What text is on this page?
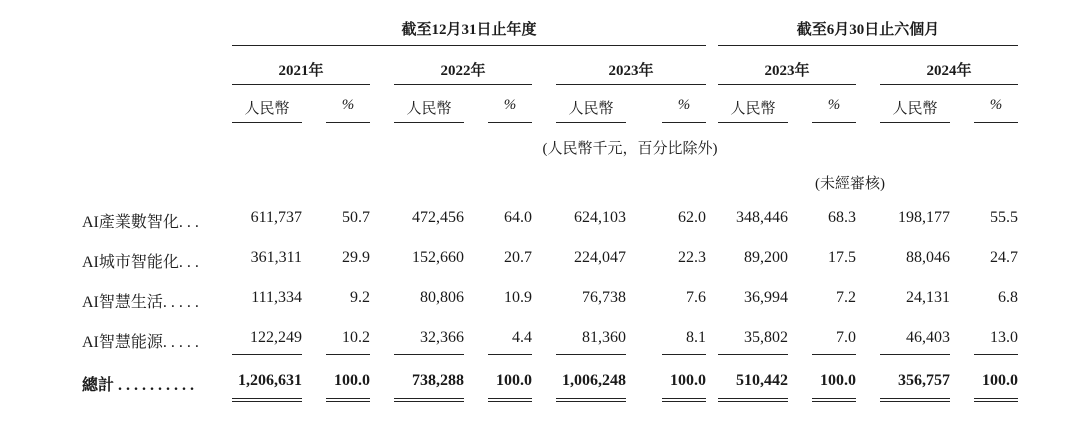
截至12月31日止年度	截至6月30日止六個月
2021年	2022年	2023年	2023年	2024年
人民幣	%	人民幣	%	人民幣	%	人民幣	%	人民幣	%
(人民幣千元，百分比除外)
(未經審核)
AI產業數智化. . .	611,737	50.7	472,456	64.0	624,103	62.0	348,446	68.3	198,177	55.5
AI城市智能化. . .	361,311	29.9	152,660	20.7	224,047	22.3	89,200	17.5	88,046	24.7
AI智慧生活. . . . .	111,334	9.2	80,806	10.9	76,738	7.6	36,994	7.2	24,131	6.8
AI智慧能源. . . . .	122,249	10.2	32,366	4.4	81,360	8.1	35,802	7.0	46,403	13.0
總計 . . . . . . . . . .	1,206,631	100.0	738,288	100.0	1,006,248	100.0	510,442	100.0	356,757	100.0
